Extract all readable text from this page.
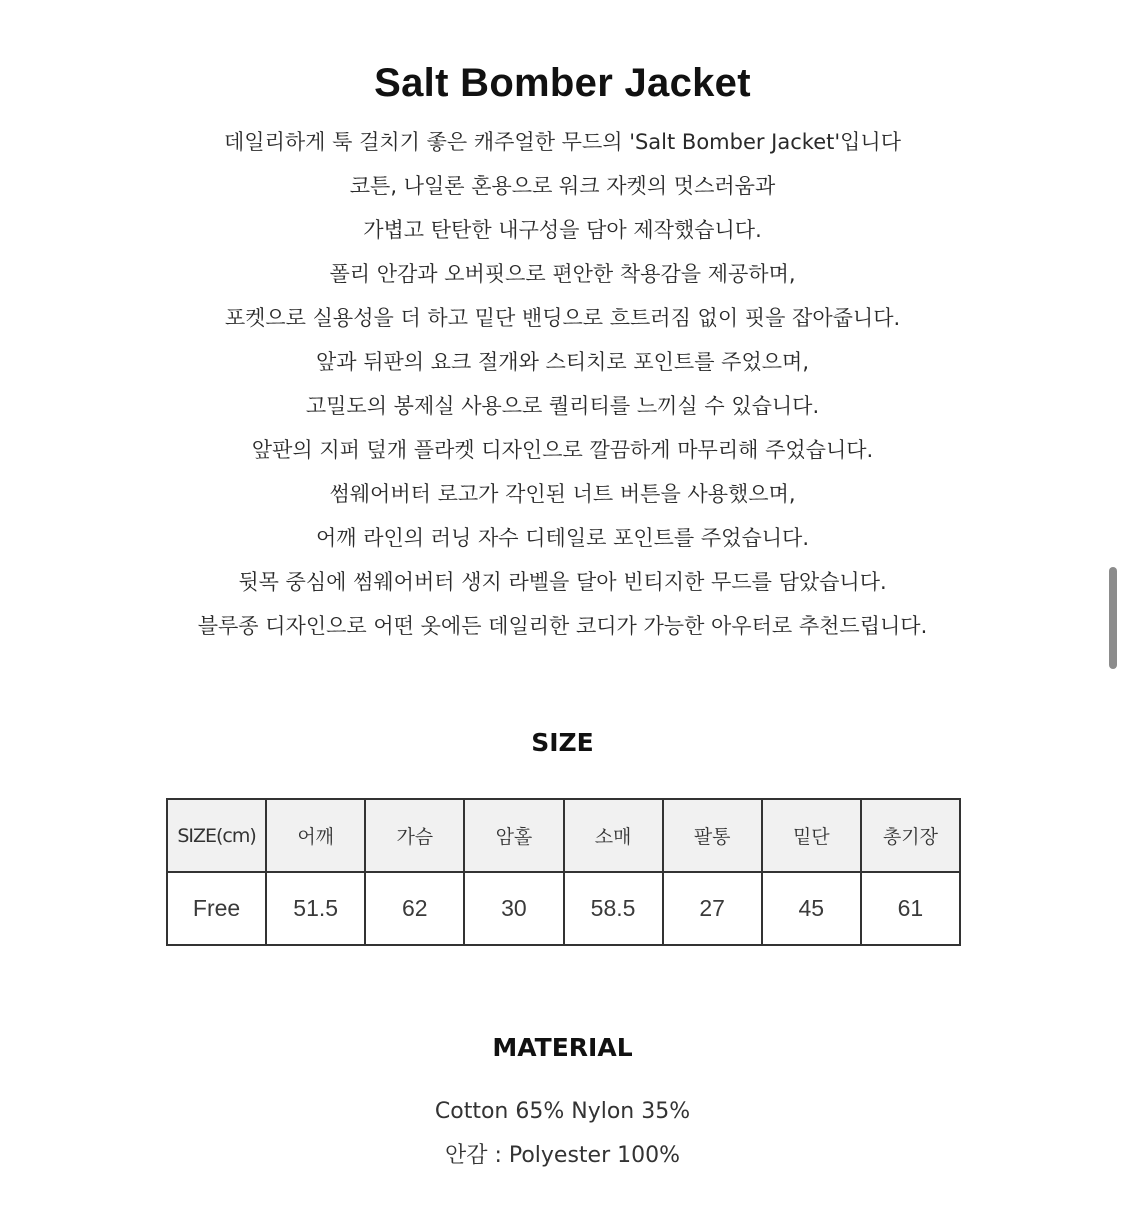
Salt Bomber Jacket
데일리하게 툭 걸치기 좋은 캐주얼한 무드의 'Salt Bomber Jacket'입니다
코튼, 나일론 혼용으로 워크 자켓의 멋스러움과
가볍고 탄탄한 내구성을 담아 제작했습니다.
폴리 안감과 오버핏으로 편안한 착용감을 제공하며,
포켓으로 실용성을 더 하고 밑단 밴딩으로 흐트러짐 없이 핏을 잡아줍니다.
앞과 뒤판의 요크 절개와 스티치로 포인트를 주었으며,
고밀도의 봉제실 사용으로 퀄리티를 느끼실 수 있습니다.
앞판의 지퍼 덮개 플라켓 디자인으로 깔끔하게 마무리해 주었습니다.
썸웨어버터 로고가 각인된 너트 버튼을 사용했으며,
어깨 라인의 러닝 자수 디테일로 포인트를 주었습니다.
뒷목 중심에 썸웨어버터 생지 라벨을 달아 빈티지한 무드를 담았습니다.
블루종 디자인으로 어떤 옷에든 데일리한 코디가 가능한 아우터로 추천드립니다.
SIZE
SIZE(cm)	어깨	가슴	암홀	소매	팔통	밑단	총기장
Free	51.5	62	30	58.5	27	45	61
MATERIAL
Cotton 65% Nylon 35%
안감 : Polyester 100%
